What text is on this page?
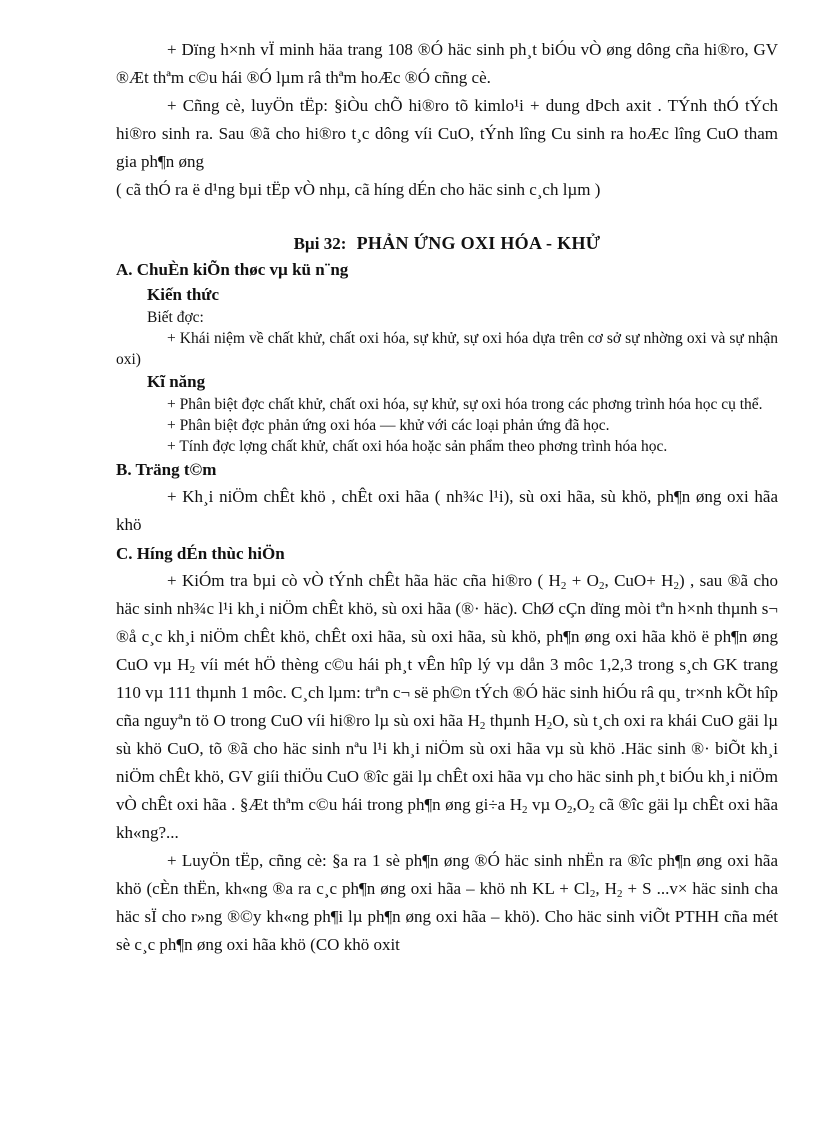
+ Dïng h×nh vÏ minh häa trang 108 ®Ó häc sinh ph¸t biÓu vÒ øng dông cña hi®ro, GV ®Æt thªm c©u hái ®Ó lµm râ thªm hoÆc ®Ó cñng cè.

+ Cñng cè, luyÖn tËp: §iÒu chÕ hi®ro tõ kimlo¹i + dung dÞch axit . TÝnh thÓ tÝch hi®ro sinh ra. Sau ®ã cho hi®ro t¸c dông víi CuO, tÝnh lîng Cu sinh ra hoÆc lîng CuO tham gia ph¶n øng

( cã thÓ ra ë d¹ng bµi tËp vÒ nhµ, cã híng dÉn cho häc sinh c¸ch lµm )

Bµi 32: PHẢN ỨNG OXI HÓA - KHỬ

A. ChuÈn kiÕn thøc vµ kü n¨ng

Kiến thức

Biết đợc:

+ Khái niệm về chất khử, chất oxi hóa, sự khử, sự oxi hóa dựa trên cơ sở sự nhờng oxi và sự nhận oxi)

Kĩ năng

+ Phân biệt đợc chất khử, chất oxi hóa, sự khử, sự oxi hóa trong các phơng trình hóa học cụ thể.

+ Phân biệt đợc phản ứng oxi hóa — khử với các loại phản ứng đã học.

+ Tính đợc lợng chất khử, chất oxi hóa hoặc sản phẩm theo phơng trình hóa học.

B. Träng t©m

+ Kh¸i niÖm chÊt khö , chÊt oxi hãa ( nh¾c l¹i), sù oxi hãa, sù khö, ph¶n øng oxi hãa khö

C. Híng dÉn thùc hiÖn

+ KiÓm tra bµi cò vÒ tÝnh chÊt hãa häc cña hi®ro ( $H_2 + O_2$, $CuO+ H_2$) , sau ®ã cho häc sinh nh¾c l¹i kh¸i niÖm chÊt khö, sù oxi hãa (®· häc). ChØ cÇn dïng mòi tªn h×nh thµnh s¬ ®å c¸c kh¸i niÖm chÊt khö, chÊt oxi hãa, sù oxi hãa, sù khö, ph¶n øng oxi hãa khö ë ph¶n øng CuO vµ $H_2$ víi mét hÖ thèng c©u hái ph¸t vÊn hîp lý vµ dån 3 môc 1,2,3 trong s¸ch GK trang 110 vµ 111 thµnh 1 môc. C¸ch lµm: trªn c¬ së ph©n tÝch ®Ó häc sinh hiÓu râ qu¸ tr×nh kÕt hîp cña nguyªn tö O trong CuO víi hi®ro lµ sù oxi hãa $H_2$ thµnh $H_2O$, sù t¸ch oxi ra khái CuO gäi lµ sù khö CuO, tõ ®ã cho häc sinh nªu l¹i kh¸i niÖm sù oxi hãa vµ sù khö .Häc sinh ®· biÕt kh¸i niÖm chÊt khö, GV giíi thiÖu CuO ®îc gäi lµ chÊt oxi hãa vµ cho häc sinh ph¸t biÓu kh¸i niÖm vÒ chÊt oxi hãa . §Æt thªm c©u hái trong ph¶n øng gi÷a $H_2$ vµ $O_2,O_2$ cã ®îc gäi lµ chÊt oxi hãa kh«ng?...

+ LuyÖn tËp, cñng cè: §a ra 1 sè ph¶n øng ®Ó häc sinh nhËn ra ®îc ph¶n øng oxi hãa khö (cÈn thËn, kh«ng ®a ra c¸c ph¶n øng oxi hãa – khö nh KL + $Cl_2$, $H_2 + S$ ...v× häc sinh cha häc sÏ cho r»ng ®©y kh«ng ph¶i lµ ph¶n øng oxi hãa – khö). Cho häc sinh viÕt PTHH cña mét sè c¸c ph¶n øng oxi hãa khö (CO khö oxit
